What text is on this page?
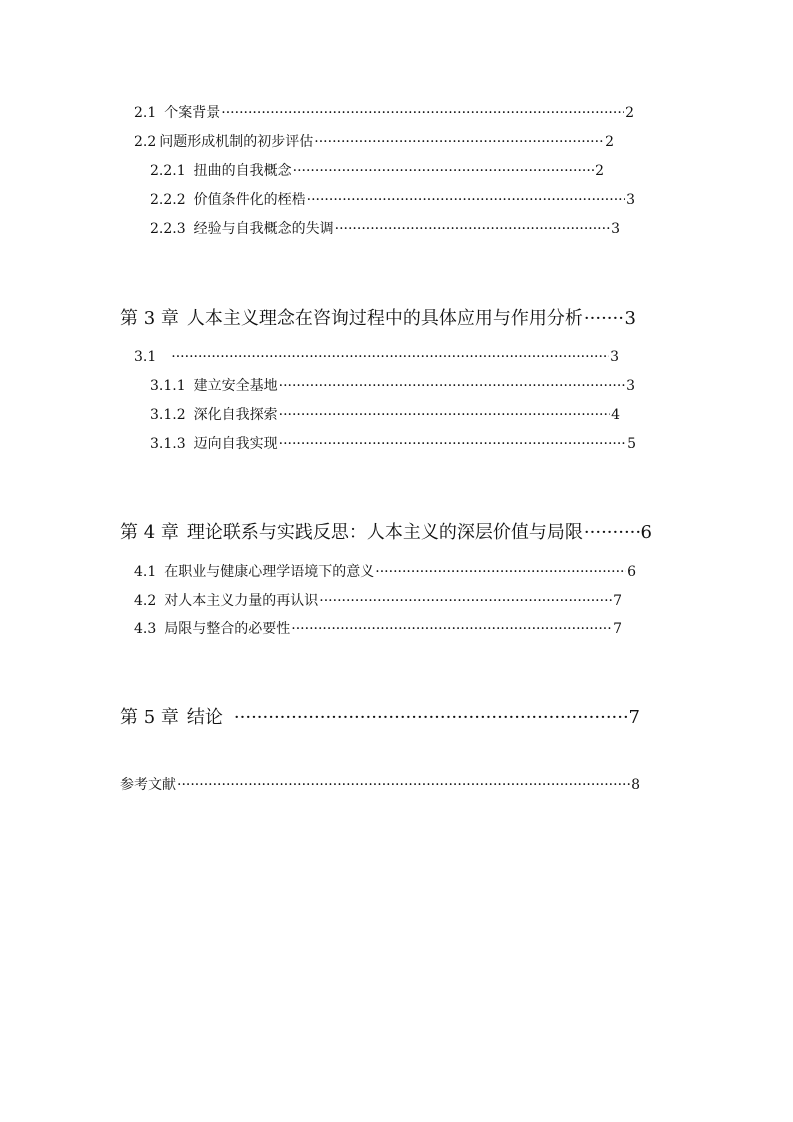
2.1 个案背景 ·····	2
2.2 问题形成机制的初步评估 ·····	2
2.2.1 扭曲的自我概念 ·····	2
2.2.2 价值条件化的桎梏 ·····	3
2.2.3 经验与自我概念的失调 ·····	3
第 3 章 人本主义理念在咨询过程中的具体应用与作用分析 ····· 3
3.1 ·····	3
3.1.1 建立安全基地 ·····	3
3.1.2 深化自我探索 ·····	4
3.1.3 迈向自我实现 ·····	5
第 4 章 理论联系与实践反思：人本主义的深层价值与局限 ·····	6
4.1 在职业与健康心理学语境下的意义 ·····	6
4.2 对人本主义力量的再认识 ·····	7
4.3 局限与整合的必要性 ·····	7
第 5 章 结论 ·····	7
参考文献 ·····	8
